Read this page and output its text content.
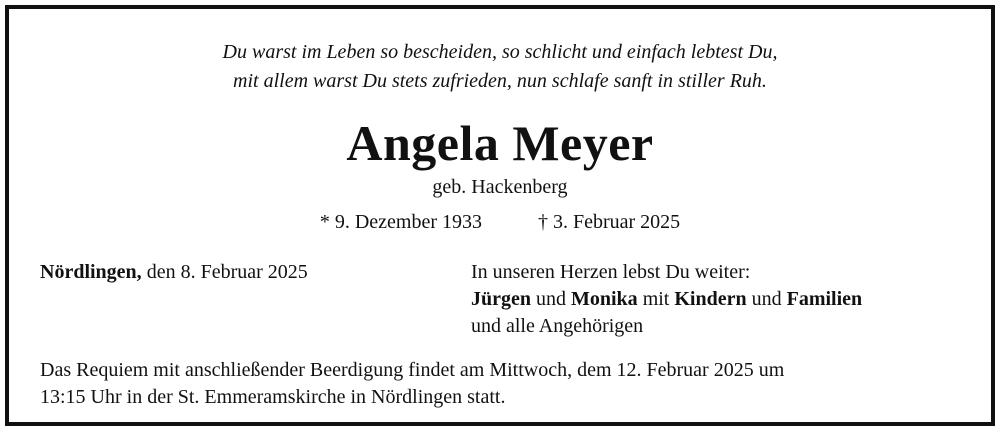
Du warst im Leben so bescheiden, so schlicht und einfach lebtest Du,
mit allem warst Du stets zufrieden, nun schlafe sanft in stiller Ruh.
Angela Meyer
geb. Hackenberg
* 9. Dezember 1933	† 3. Februar 2025
Nördlingen, den 8. Februar 2025	In unseren Herzen lebst Du weiter:
Jürgen und Monika mit Kindern und Familien
und alle Angehörigen
Das Requiem mit anschließender Beerdigung findet am Mittwoch, dem 12. Februar 2025 um
13:15 Uhr in der St. Emmeramskirche in Nördlingen statt.
